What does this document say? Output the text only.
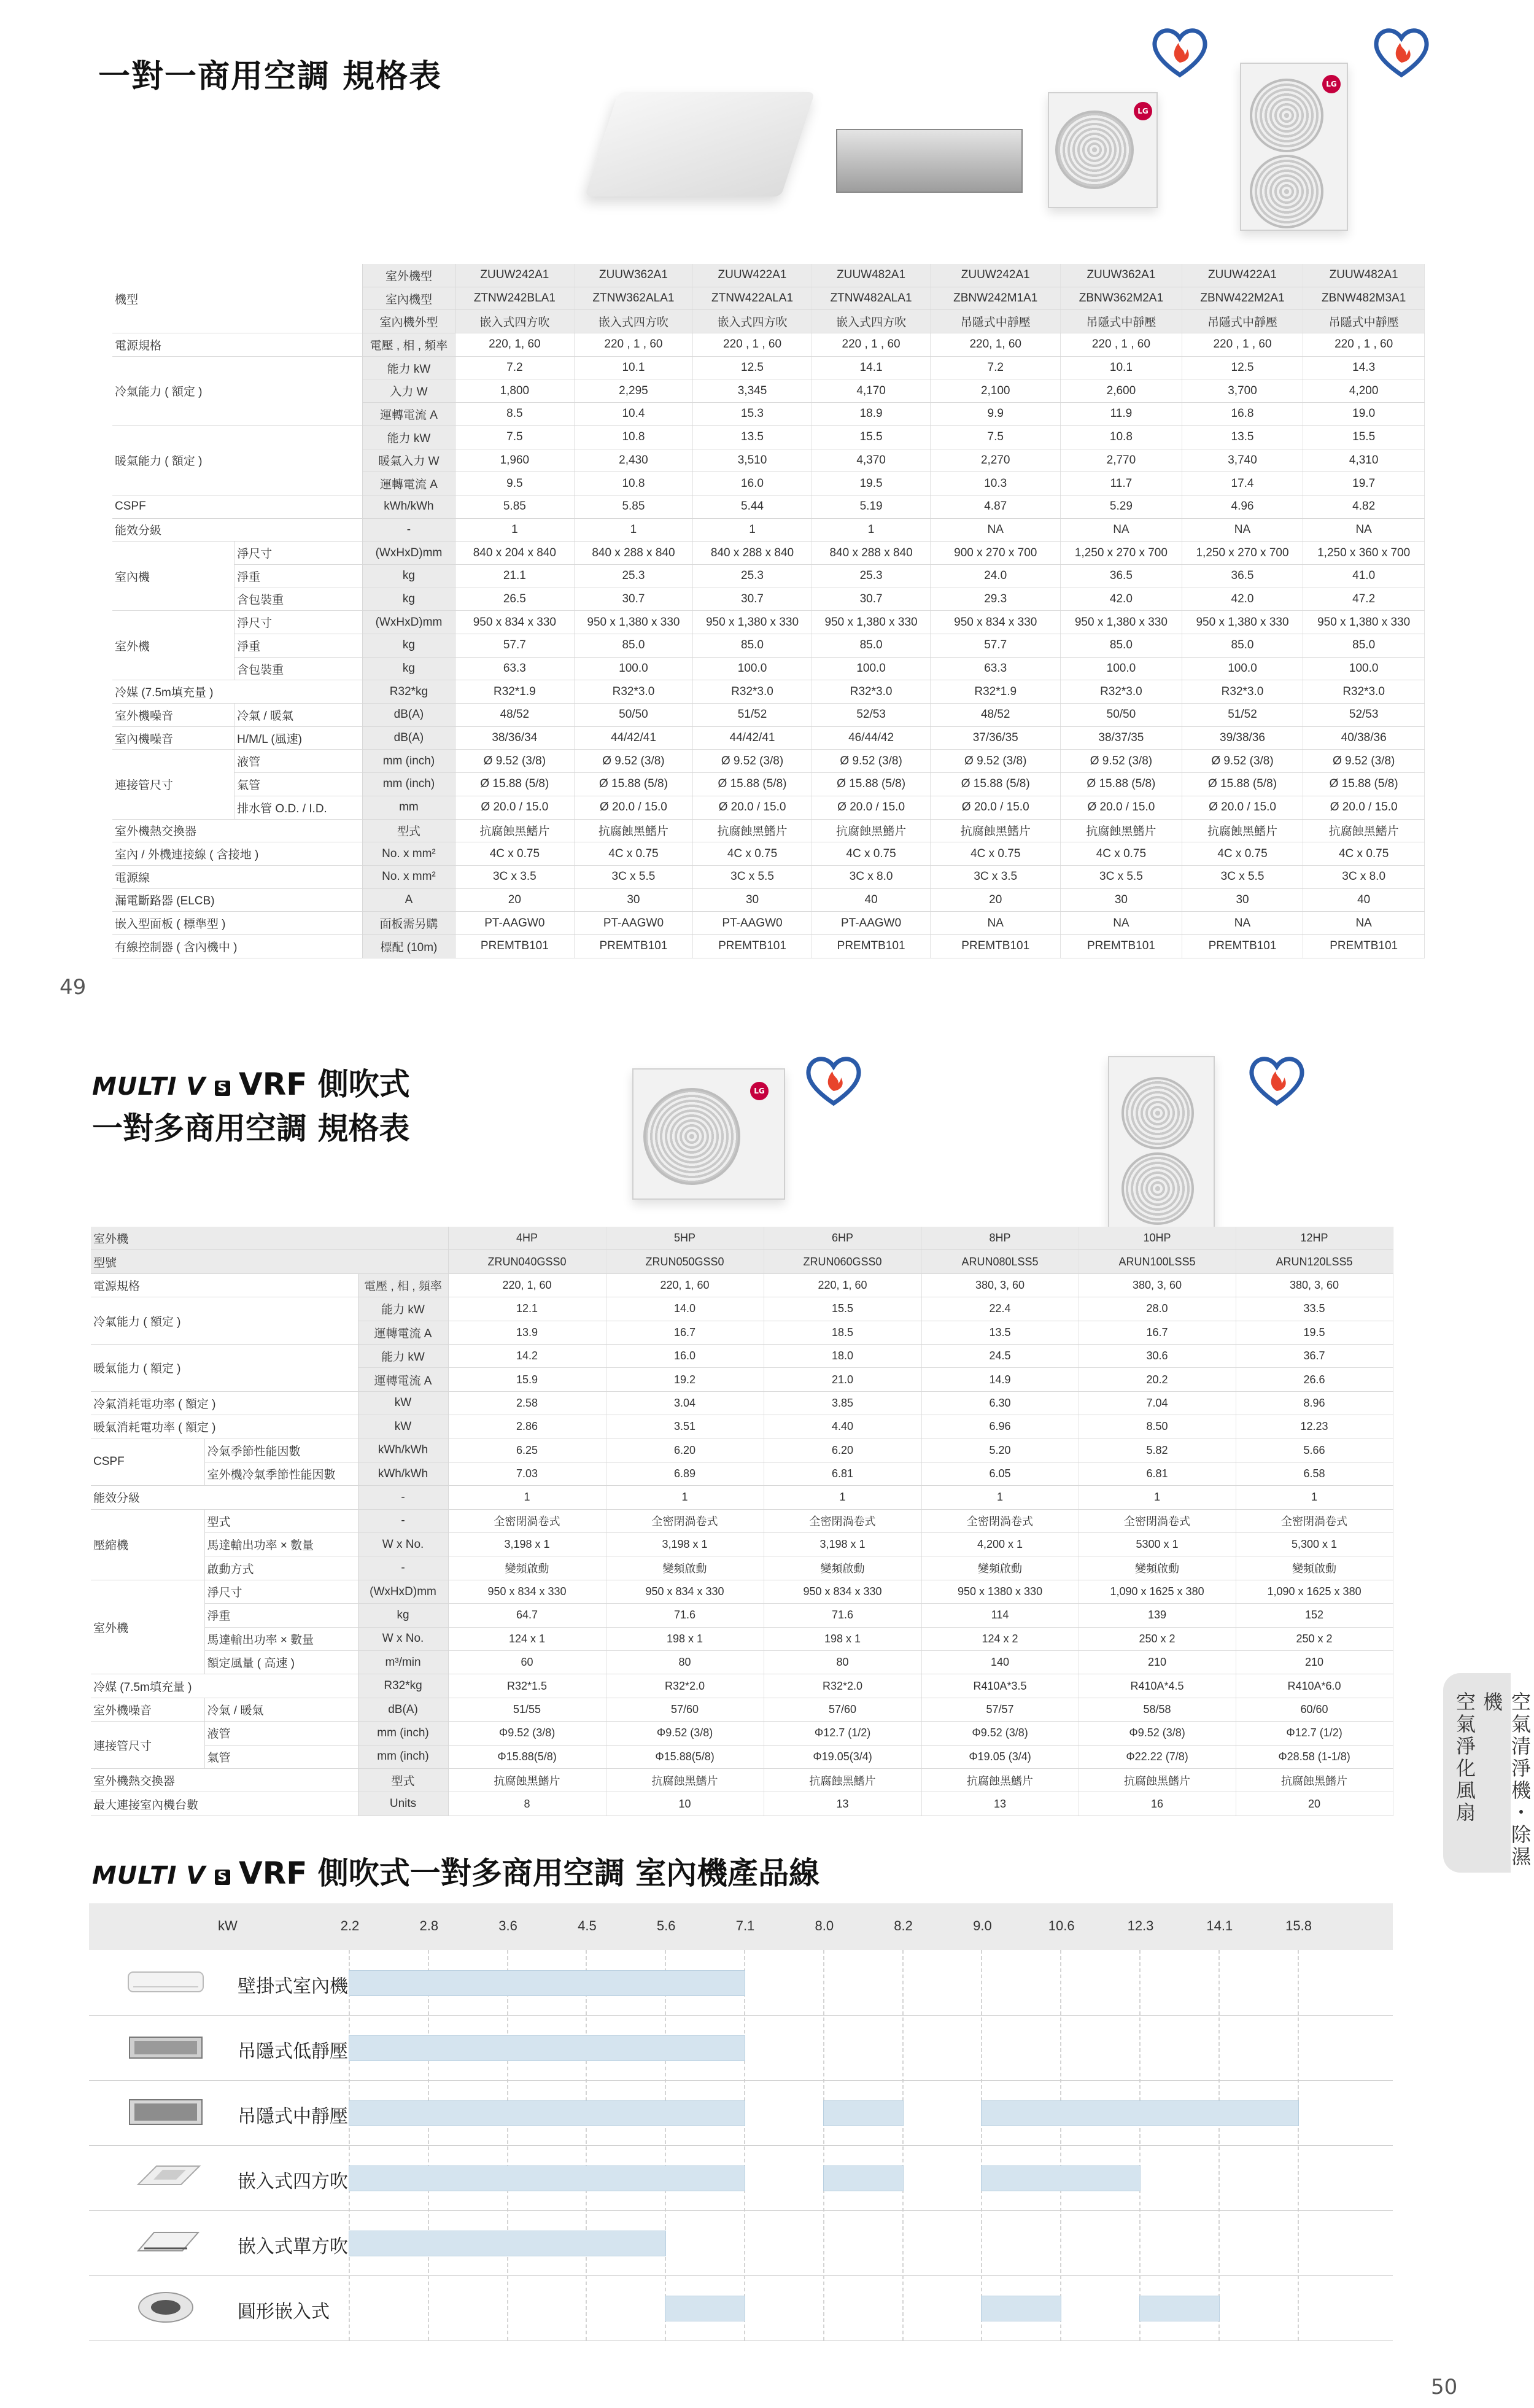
一對一商用空調 規格表
LG
LG
機型		室外機型	ZUUW242A1	ZUUW362A1	ZUUW422A1	ZUUW482A1	ZUUW242A1	ZUUW362A1	ZUUW422A1	ZUUW482A1
		室內機型	ZTNW242BLA1	ZTNW362ALA1	ZTNW422ALA1	ZTNW482ALA1	ZBNW242M1A1	ZBNW362M2A1	ZBNW422M2A1	ZBNW482M3A1
		室內機外型	嵌入式四方吹	嵌入式四方吹	嵌入式四方吹	嵌入式四方吹	吊隱式中靜壓	吊隱式中靜壓	吊隱式中靜壓	吊隱式中靜壓
電源規格		電壓 , 相 , 頻率	220, 1, 60	220 , 1 , 60	220 , 1 , 60	220 , 1 , 60	220, 1, 60	220 , 1 , 60	220 , 1 , 60	220 , 1 , 60
冷氣能力 ( 額定 )		能力 kW	7.2	10.1	12.5	14.1	7.2	10.1	12.5	14.3
		入力 W	1,800	2,295	3,345	4,170	2,100	2,600	3,700	4,200
		運轉電流 A	8.5	10.4	15.3	18.9	9.9	11.9	16.8	19.0
暖氣能力 ( 額定 )		能力 kW	7.5	10.8	13.5	15.5	7.5	10.8	13.5	15.5
		暖氣入力 W	1,960	2,430	3,510	4,370	2,270	2,770	3,740	4,310
		運轉電流 A	9.5	10.8	16.0	19.5	10.3	11.7	17.4	19.7
CSPF		kWh/kWh	5.85	5.85	5.44	5.19	4.87	5.29	4.96	4.82
能效分級		-	1	1	1	1	NA	NA	NA	NA
室內機	淨尺寸	(WxHxD)mm	840 x 204 x 840	840 x 288 x 840	840 x 288 x 840	840 x 288 x 840	900 x 270 x 700	1,250 x 270 x 700	1,250 x 270 x 700	1,250 x 360 x 700
	淨重	kg	21.1	25.3	25.3	25.3	24.0	36.5	36.5	41.0
	含包裝重	kg	26.5	30.7	30.7	30.7	29.3	42.0	42.0	47.2
室外機	淨尺寸	(WxHxD)mm	950 x 834 x 330	950 x 1,380 x 330	950 x 1,380 x 330	950 x 1,380 x 330	950 x 834 x 330	950 x 1,380 x 330	950 x 1,380 x 330	950 x 1,380 x 330
	淨重	kg	57.7	85.0	85.0	85.0	57.7	85.0	85.0	85.0
	含包裝重	kg	63.3	100.0	100.0	100.0	63.3	100.0	100.0	100.0
冷媒 (7.5m填充量 )		R32*kg	R32*1.9	R32*3.0	R32*3.0	R32*3.0	R32*1.9	R32*3.0	R32*3.0	R32*3.0
室外機噪音	冷氣 / 暖氣	dB(A)	48/52	50/50	51/52	52/53	48/52	50/50	51/52	52/53
室內機噪音	H/M/L (風速)	dB(A)	38/36/34	44/42/41	44/42/41	46/44/42	37/36/35	38/37/35	39/38/36	40/38/36
連接管尺寸	液管	mm (inch)	Ø 9.52 (3/8)	Ø 9.52 (3/8)	Ø 9.52 (3/8)	Ø 9.52 (3/8)	Ø 9.52 (3/8)	Ø 9.52 (3/8)	Ø 9.52 (3/8)	Ø 9.52 (3/8)
	氣管	mm (inch)	Ø 15.88 (5/8)	Ø 15.88 (5/8)	Ø 15.88 (5/8)	Ø 15.88 (5/8)	Ø 15.88 (5/8)	Ø 15.88 (5/8)	Ø 15.88 (5/8)	Ø 15.88 (5/8)
	排水管 O.D. / I.D.	mm	Ø 20.0 / 15.0	Ø 20.0 / 15.0	Ø 20.0 / 15.0	Ø 20.0 / 15.0	Ø 20.0 / 15.0	Ø 20.0 / 15.0	Ø 20.0 / 15.0	Ø 20.0 / 15.0
室外機熱交換器		型式	抗腐蝕黑鰭片	抗腐蝕黑鰭片	抗腐蝕黑鰭片	抗腐蝕黑鰭片	抗腐蝕黑鰭片	抗腐蝕黑鰭片	抗腐蝕黑鰭片	抗腐蝕黑鰭片
室內 / 外機連接線 ( 含接地 )		No. x mm²	4C x 0.75	4C x 0.75	4C x 0.75	4C x 0.75	4C x 0.75	4C x 0.75	4C x 0.75	4C x 0.75
電源線		No. x mm²	3C x 3.5	3C x 5.5	3C x 5.5	3C x 8.0	3C x 3.5	3C x 5.5	3C x 5.5	3C x 8.0
漏電斷路器 (ELCB)		A	20	30	30	40	20	30	30	40
嵌入型面板 ( 標準型 )		面板需另購	PT-AAGW0	PT-AAGW0	PT-AAGW0	PT-AAGW0	NA	NA	NA	NA
有線控制器 ( 含內機中 )		標配 (10m)	PREMTB101	PREMTB101	PREMTB101	PREMTB101	PREMTB101	PREMTB101	PREMTB101	PREMTB101
49
MULTI V S VRF 側吹式
一對多商用空調 規格表
LG
室外機			4HP	5HP	6HP	8HP	10HP	12HP
型號			ZRUN040GSS0	ZRUN050GSS0	ZRUN060GSS0	ARUN080LSS5	ARUN100LSS5	ARUN120LSS5
電源規格		電壓 , 相 , 頻率	220, 1, 60	220, 1, 60	220, 1, 60	380, 3, 60	380, 3, 60	380, 3, 60
冷氣能力 ( 額定 )		能力 kW	12.1	14.0	15.5	22.4	28.0	33.5
		運轉電流 A	13.9	16.7	18.5	13.5	16.7	19.5
暖氣能力 ( 額定 )		能力 kW	14.2	16.0	18.0	24.5	30.6	36.7
		運轉電流 A	15.9	19.2	21.0	14.9	20.2	26.6
冷氣消耗電功率 ( 額定 )		kW	2.58	3.04	3.85	6.30	7.04	8.96
暖氣消耗電功率 ( 額定 )		kW	2.86	3.51	4.40	6.96	8.50	12.23
CSPF	冷氣季節性能因數	kWh/kWh	6.25	6.20	6.20	5.20	5.82	5.66
	室外機冷氣季節性能因數	kWh/kWh	7.03	6.89	6.81	6.05	6.81	6.58
能效分級		-	1	1	1	1	1	1
壓縮機	型式	-	全密閉渦卷式	全密閉渦卷式	全密閉渦卷式	全密閉渦卷式	全密閉渦卷式	全密閉渦卷式
	馬達輸出功率 × 數量	W x No.	3,198 x 1	3,198 x 1	3,198 x 1	4,200 x 1	5300 x 1	5,300 x 1
	啟動方式	-	變頻啟動	變頻啟動	變頻啟動	變頻啟動	變頻啟動	變頻啟動
室外機	淨尺寸	(WxHxD)mm	950 x 834 x 330	950 x 834 x 330	950 x 834 x 330	950 x 1380 x 330	1,090 x 1625 x 380	1,090 x 1625 x 380
	淨重	kg	64.7	71.6	71.6	114	139	152
	馬達輸出功率 × 數量	W x No.	124 x 1	198 x 1	198 x 1	124 x 2	250 x 2	250 x 2
	額定風量 ( 高速 )	m³/min	60	80	80	140	210	210
冷媒 (7.5m填充量 )		R32*kg	R32*1.5	R32*2.0	R32*2.0	R410A*3.5	R410A*4.5	R410A*6.0
室外機噪音	冷氣 / 暖氣	dB(A)	51/55	57/60	57/60	57/57	58/58	60/60
連接管尺寸	液管	mm (inch)	Φ9.52 (3/8)	Φ9.52 (3/8)	Φ12.7 (1/2)	Φ9.52 (3/8)	Φ9.52 (3/8)	Φ12.7 (1/2)
	氣管	mm (inch)	Φ15.88(5/8)	Φ15.88(5/8)	Φ19.05(3/4)	Φ19.05 (3/4)	Φ22.22 (7/8)	Φ28.58 (1-1/8)
室外機熱交換器		型式	抗腐蝕黑鰭片	抗腐蝕黑鰭片	抗腐蝕黑鰭片	抗腐蝕黑鰭片	抗腐蝕黑鰭片	抗腐蝕黑鰭片
最大連接室內機台數		Units	8	10	13	13	16	20	空氣清淨機・除濕機
空氣淨化風扇
MULTI V S VRF 側吹式一對多商用空調 室內機產品線
kW	2.2	2.8	3.6	4.5	5.6	7.1	8.0	8.2	9.0	10.6	12.3	14.1	15.8
壁掛式室內機
吊隱式低靜壓
吊隱式中靜壓
嵌入式四方吹
嵌入式單方吹
圓形嵌入式
50
